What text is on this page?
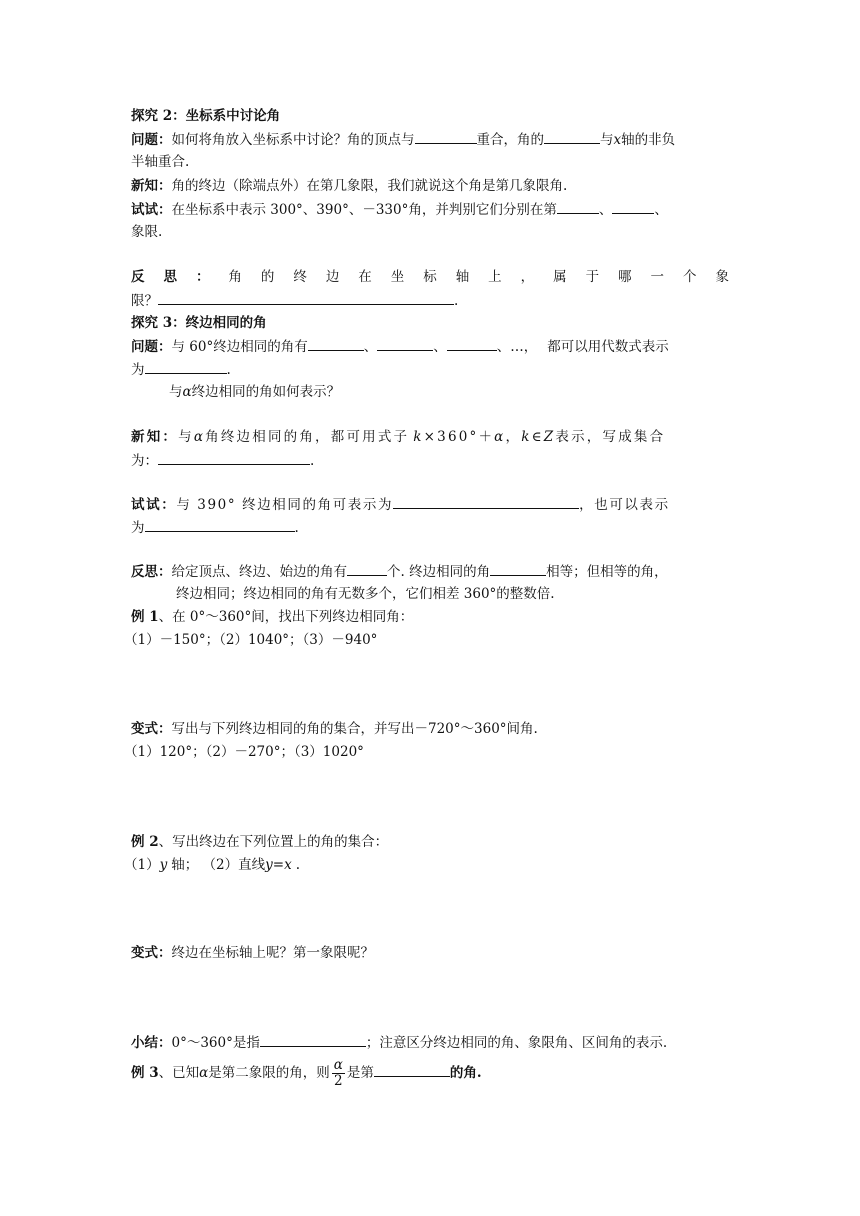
探究 2：坐标系中讨论角
问题：如何将角放入坐标系中讨论？角的顶点与	重合，角的	与x轴的非负
半轴重合.
新知：角的终边（除端点外）在第几象限，我们就说这个角是第几象限角.
试试：在坐标系中表示 300°、390°、－330°角，并判别它们分别在第	、	、
象限.
反 思 ： 角 的 终 边 在 坐 标 轴 上 ， 属 于 哪 一 个 象
限？	.
探究 3：终边相同的角
问题：与 60°终边相同的角有	、	、	、…， 都可以用代数式表示
为	.
与α终边相同的角如何表示？
新知：与α角终边相同的角，都可用式子 k×360°＋α，k∈Z表示，写成集合
为：	.
试试：与 390° 终边相同的角可表示为	，也可以表示
为	.
反思：给定顶点、终边、始边的角有	个. 终边相同的角	相等；但相等的角，
终边相同；终边相同的角有无数多个，它们相差 360°的整数倍.
例 1、在 0°～360°间，找出下列终边相同角：
（1）－150°；（2）1040°；（3）－940°
变式：写出与下列终边相同的角的集合，并写出－720°～360°间角.
（1）120°；（2）－270°；（3）1020°
例 2、写出终边在下列位置上的角的集合：
（1）y 轴； （2）直线y=x .
变式：终边在坐标轴上呢？第一象限呢？
小结：0°～360°是指	；注意区分终边相同的角、象限角、区间角的表示.
例 3、已知α是第二象限的角，则 $\frac{\alpha}{2}$ 是第	的角.
